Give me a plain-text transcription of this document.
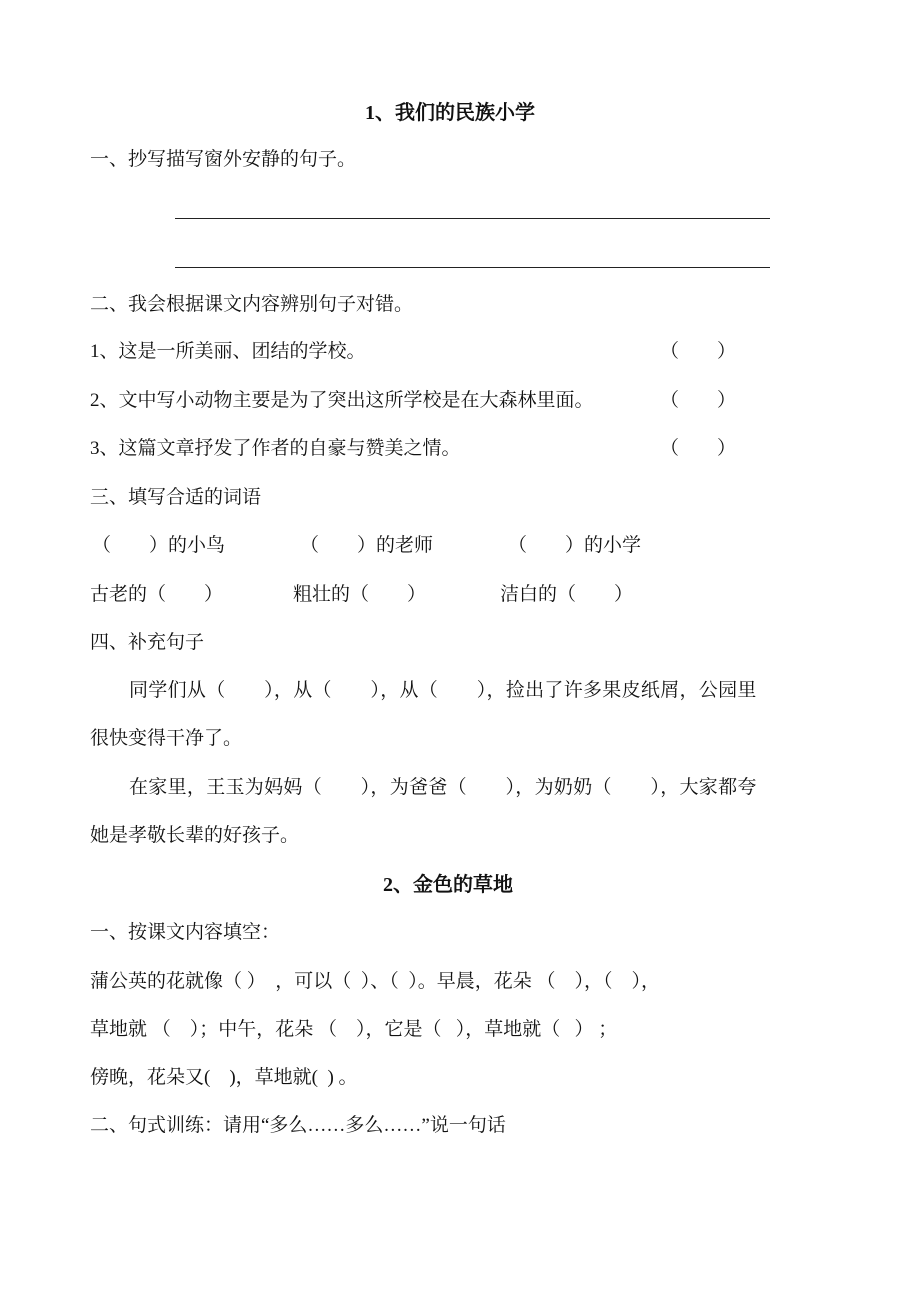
1、我们的民族小学
一、抄写描写窗外安静的句子。
二、我会根据课文内容辨别句子对错。
1、这是一所美丽、团结的学校。	（　　）
2、文中写小动物主要是为了突出这所学校是在大森林里面。	（　　）
3、这篇文章抒发了作者的自豪与赞美之情。	（　　）
三、填写合适的词语
（　　）的小鸟	（　　）的老师	（　　）的小学
古老的（　　）	粗壮的（　　）	洁白的（　　）
四、补充句子
同学们从（　　），从（　　），从（　　），捡出了许多果皮纸屑，公园里
很快变得干净了。
在家里，王玉为妈妈（　　），为爸爸（　　），为奶奶（　　），大家都夸
她是孝敬长辈的好孩子。
2、金色的草地
一、按课文内容填空：
蒲公英的花就像（ ）  ，可以（  ）、（  ）。早晨，花朵 （    ），（    ），
草地就 （    ）；中午，花朵 （    ），它是（   ），草地就（   ） ；
傍晚，花朵又(    )，草地就(  ) 。
二、句式训练：请用“多么……多么……”说一句话
